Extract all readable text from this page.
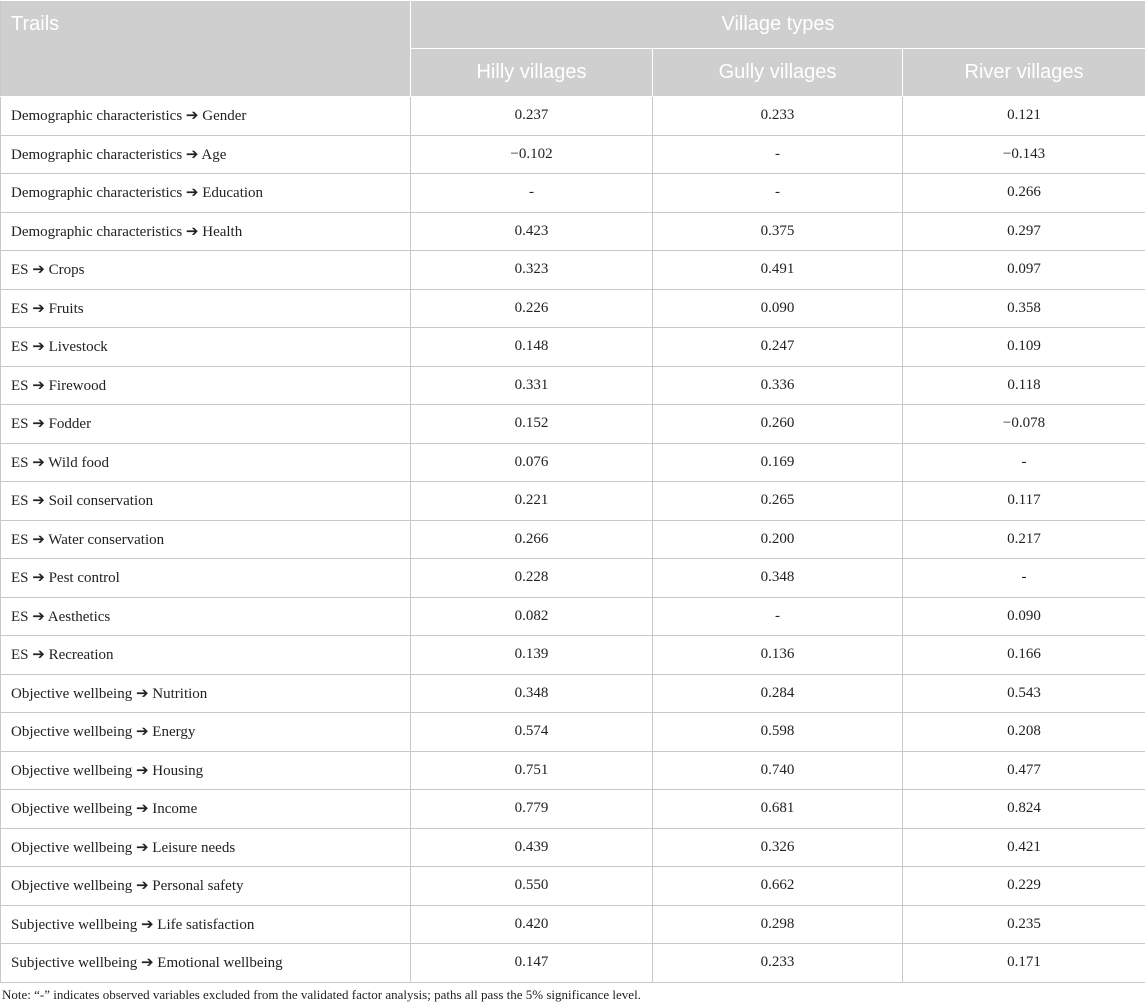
Trails	Village types		
	Hilly villages	Gully villages	River villages
Demographic characteristics ➔ Gender	0.237	0.233	0.121
Demographic characteristics ➔ Age	−0.102	-	−0.143
Demographic characteristics ➔ Education	-	-	0.266
Demographic characteristics ➔ Health	0.423	0.375	0.297
ES ➔ Crops	0.323	0.491	0.097
ES ➔ Fruits	0.226	0.090	0.358
ES ➔ Livestock	0.148	0.247	0.109
ES ➔ Firewood	0.331	0.336	0.118
ES ➔ Fodder	0.152	0.260	−0.078
ES ➔ Wild food	0.076	0.169	-
ES ➔ Soil conservation	0.221	0.265	0.117
ES ➔ Water conservation	0.266	0.200	0.217
ES ➔ Pest control	0.228	0.348	-
ES ➔ Aesthetics	0.082	-	0.090
ES ➔ Recreation	0.139	0.136	0.166
Objective wellbeing ➔ Nutrition	0.348	0.284	0.543
Objective wellbeing ➔ Energy	0.574	0.598	0.208
Objective wellbeing ➔ Housing	0.751	0.740	0.477
Objective wellbeing ➔ Income	0.779	0.681	0.824
Objective wellbeing ➔ Leisure needs	0.439	0.326	0.421
Objective wellbeing ➔ Personal safety	0.550	0.662	0.229
Subjective wellbeing ➔ Life satisfaction	0.420	0.298	0.235
Subjective wellbeing ➔ Emotional wellbeing	0.147	0.233	0.171
Note: “-” indicates observed variables excluded from the validated factor analysis; paths all pass the 5% significance level.
